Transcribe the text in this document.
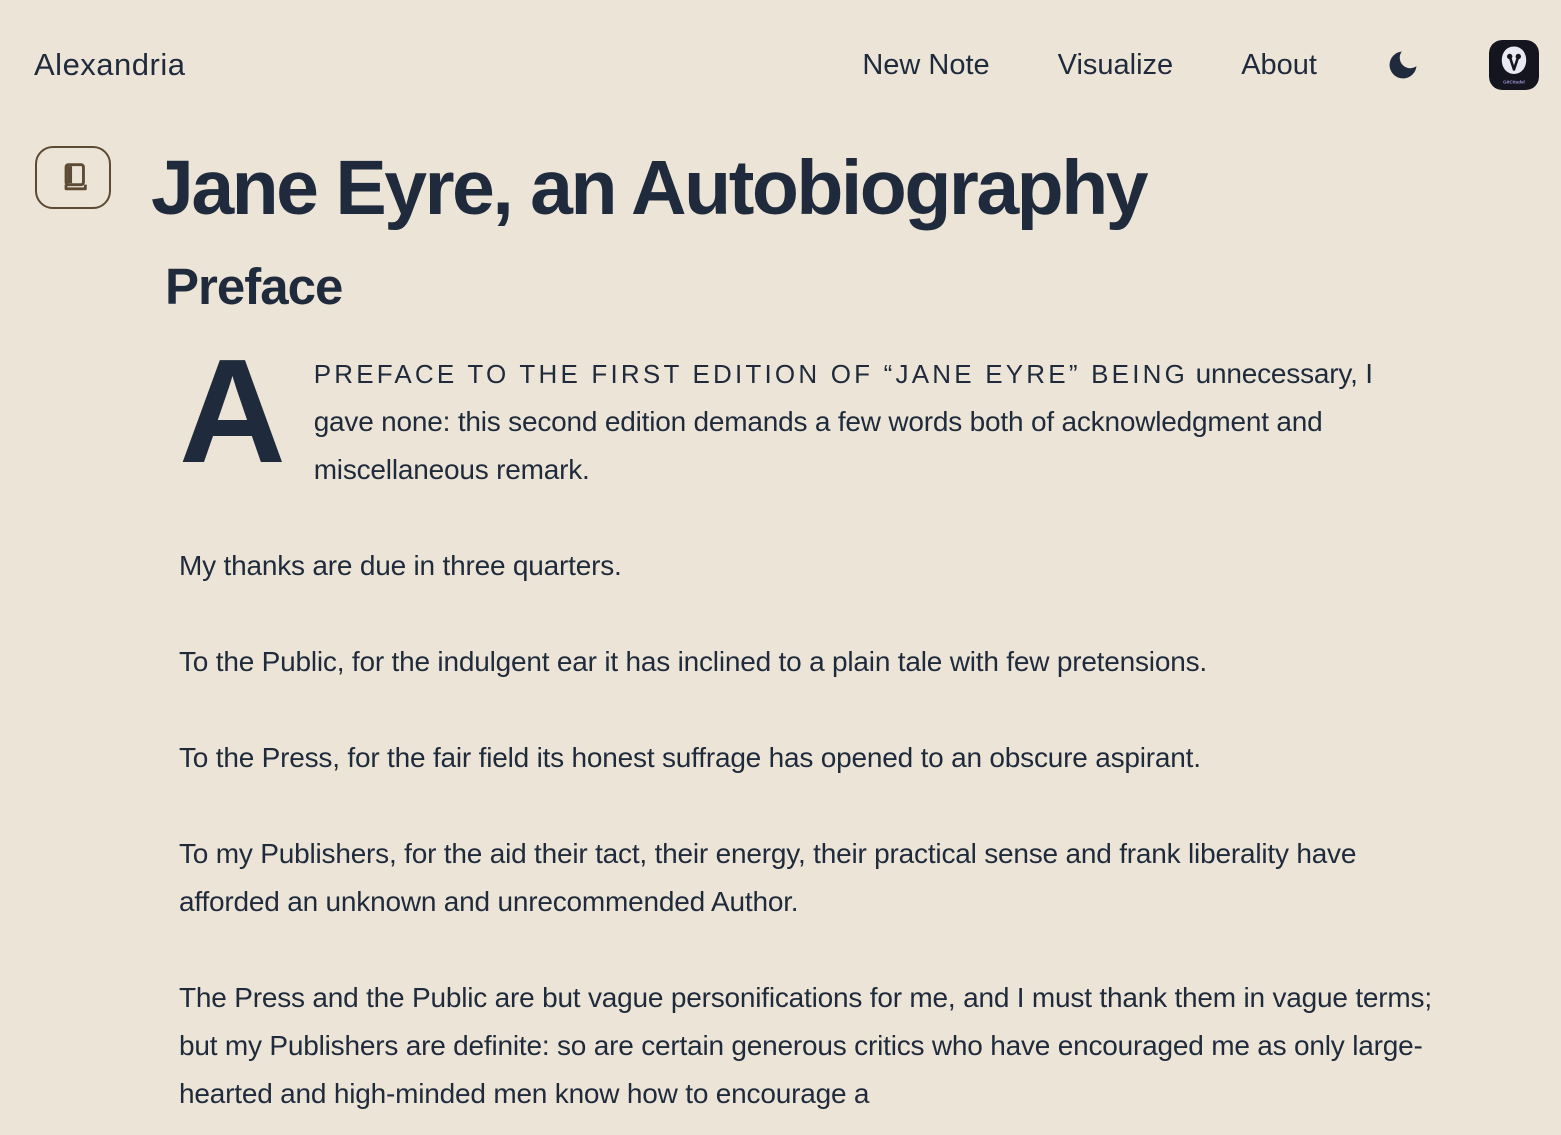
Alexandria	New Note Visualize About
GitCitadel
Jane Eyre, an Autobiography
Preface

A PREFACE TO THE FIRST EDITION OF “JANE EYRE” BEING unnecessary, I gave none: this second edition demands a few words both of acknowledgment and miscellaneous remark.

My thanks are due in three quarters.

To the Public, for the indulgent ear it has inclined to a plain tale with few pretensions.

To the Press, for the fair field its honest suffrage has opened to an obscure aspirant.

To my Publishers, for the aid their tact, their energy, their practical sense and frank liberality have afforded an unknown and unrecommended Author.

The Press and the Public are but vague personifications for me, and I must thank them in vague terms; but my Publishers are definite: so are certain generous critics who have encouraged me as only large-hearted and high-minded men know how to encourage a
